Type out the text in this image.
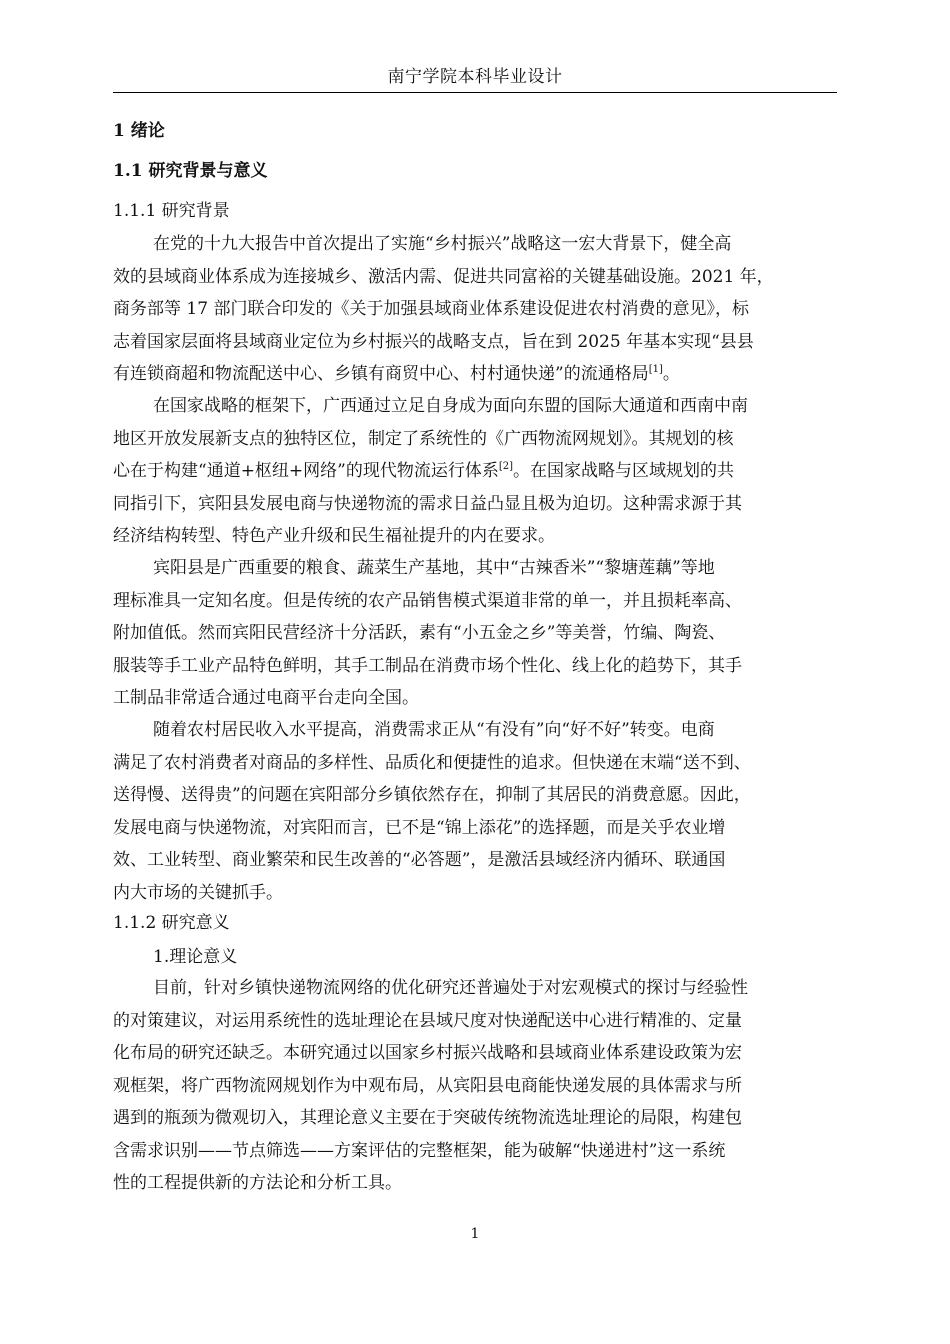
南宁学院本科毕业设计
1 绪论
1.1 研究背景与意义
1.1.1 研究背景
在党的十九大报告中首次提出了实施“乡村振兴”战略这一宏大背景下，健全高
效的县域商业体系成为连接城乡、激活内需、促进共同富裕的关键基础设施。2021 年，
商务部等 17 部门联合印发的《关于加强县域商业体系建设促进农村消费的意见》，标
志着国家层面将县域商业定位为乡村振兴的战略支点，旨在到 2025 年基本实现“县县
有连锁商超和物流配送中心、乡镇有商贸中心、村村通快递”的流通格局[1]。
在国家战略的框架下，广西通过立足自身成为面向东盟的国际大通道和西南中南
地区开放发展新支点的独特区位，制定了系统性的《广西物流网规划》。其规划的核
心在于构建“通道+枢纽+网络”的现代物流运行体系[2]。在国家战略与区域规划的共
同指引下，宾阳县发展电商与快递物流的需求日益凸显且极为迫切。这种需求源于其
经济结构转型、特色产业升级和民生福祉提升的内在要求。
宾阳县是广西重要的粮食、蔬菜生产基地，其中“古辣香米”“黎塘莲藕”等地
理标准具一定知名度。但是传统的农产品销售模式渠道非常的单一，并且损耗率高、
附加值低。然而宾阳民营经济十分活跃，素有“小五金之乡”等美誉，竹编、陶瓷、
服装等手工业产品特色鲜明，其手工制品在消费市场个性化、线上化的趋势下，其手
工制品非常适合通过电商平台走向全国。
随着农村居民收入水平提高，消费需求正从“有没有”向“好不好”转变。电商
满足了农村消费者对商品的多样性、品质化和便捷性的追求。但快递在末端“送不到、
送得慢、送得贵”的问题在宾阳部分乡镇依然存在，抑制了其居民的消费意愿。因此，
发展电商与快递物流，对宾阳而言，已不是“锦上添花”的选择题，而是关乎农业增
效、工业转型、商业繁荣和民生改善的“必答题”，是激活县域经济内循环、联通国
内大市场的关键抓手。
1.1.2 研究意义
1.理论意义
目前，针对乡镇快递物流网络的优化研究还普遍处于对宏观模式的探讨与经验性
的对策建议，对运用系统性的选址理论在县域尺度对快递配送中心进行精准的、定量
化布局的研究还缺乏。本研究通过以国家乡村振兴战略和县域商业体系建设政策为宏
观框架，将广西物流网规划作为中观布局，从宾阳县电商能快递发展的具体需求与所
遇到的瓶颈为微观切入，其理论意义主要在于突破传统物流选址理论的局限，构建包
含需求识别——节点筛选——方案评估的完整框架，能为破解“快递进村”这一系统
性的工程提供新的方法论和分析工具。
1
